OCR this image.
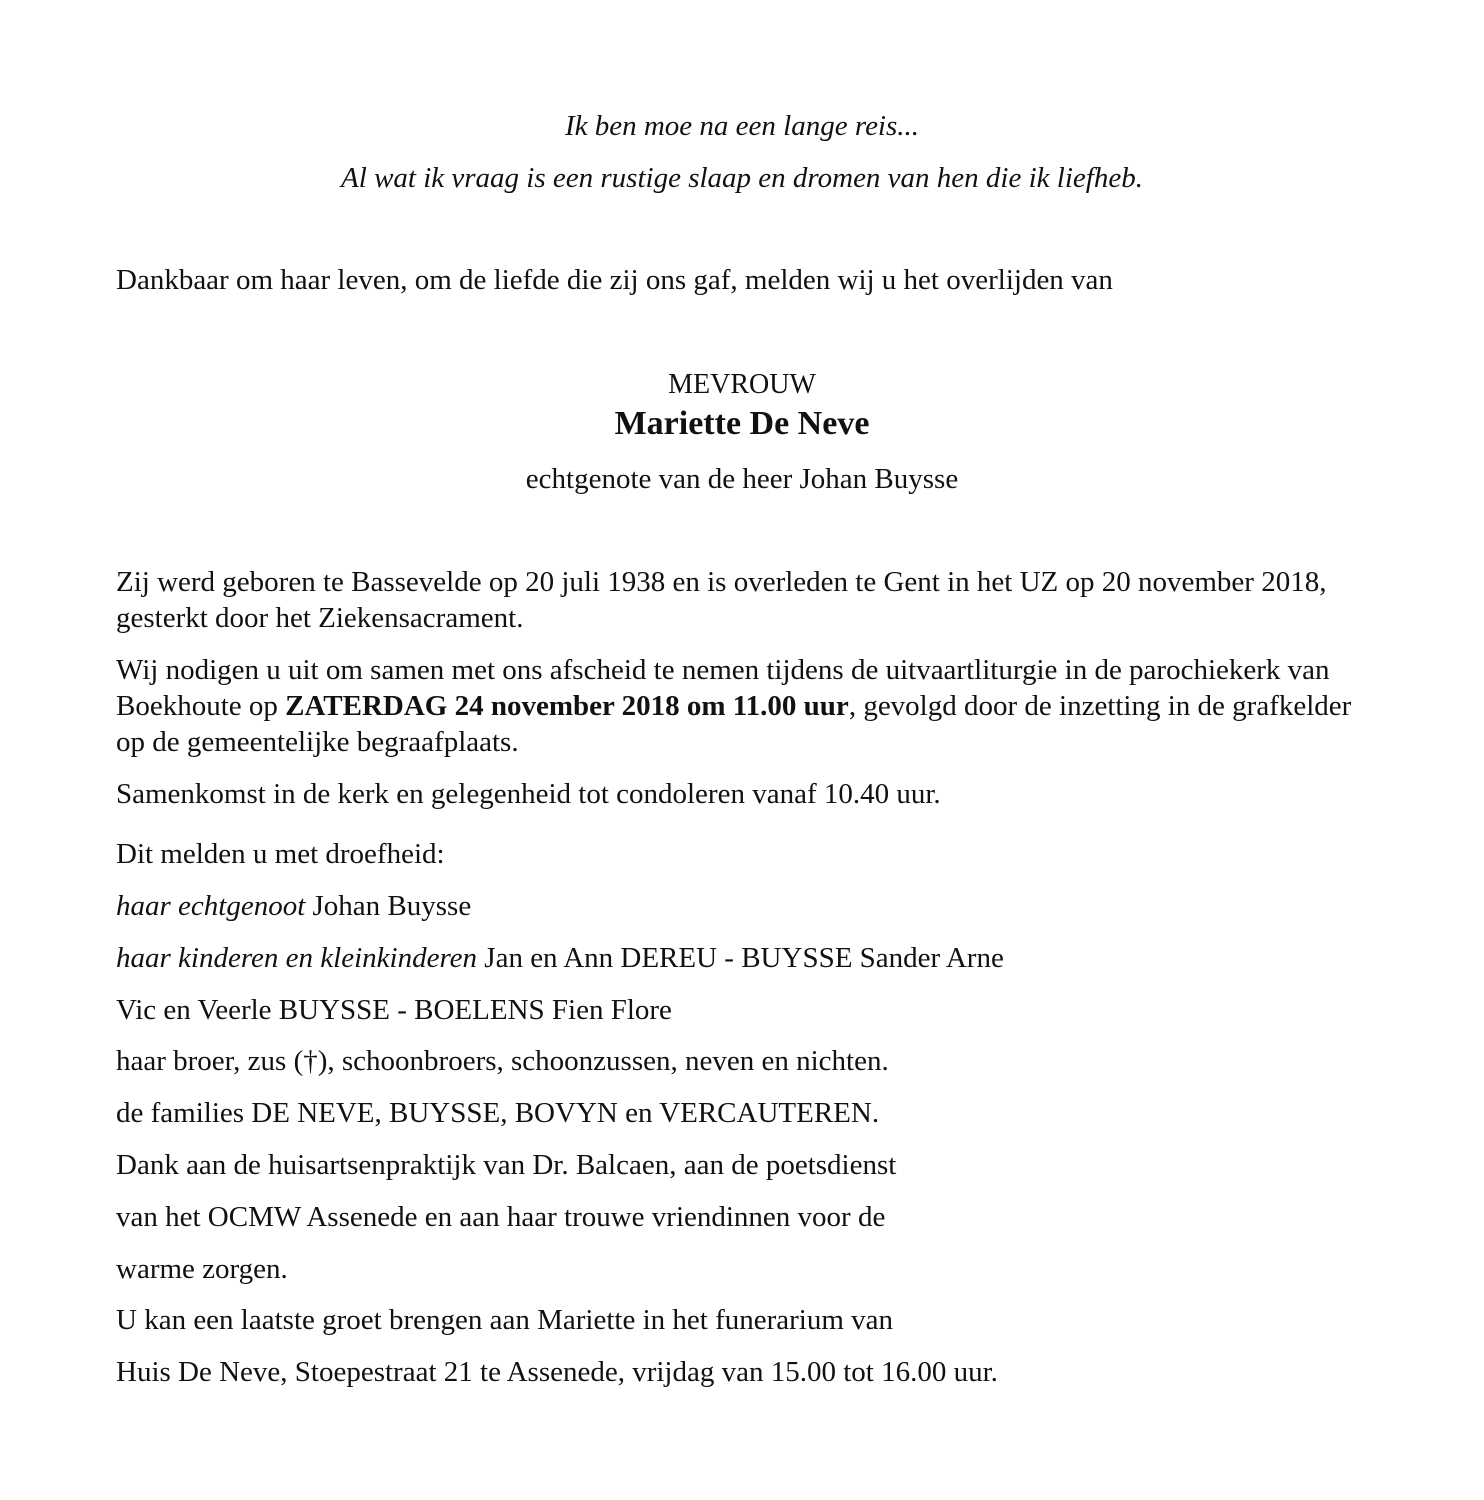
Ik ben moe na een lange reis...
Al wat ik vraag is een rustige slaap en dromen van hen die ik liefheb.
Dankbaar om haar leven, om de liefde die zij ons gaf, melden wij u het overlijden van
MEVROUW
Mariette De Neve
echtgenote van de heer Johan Buysse

Zij werd geboren te Bassevelde op 20 juli 1938 en is overleden te Gent in het UZ op 20 november 2018, gesterkt door het Ziekensacrament.

Wij nodigen u uit om samen met ons afscheid te nemen tijdens de uitvaartliturgie in de parochiekerk van Boekhoute op ZATERDAG 24 november 2018 om 11.00 uur, gevolgd door de inzetting in de grafkelder op de gemeentelijke begraafplaats.

Samenkomst in de kerk en gelegenheid tot condoleren vanaf 10.40 uur.
Dit melden u met droefheid:
haar echtgenoot Johan Buysse
haar kinderen en kleinkinderen Jan en Ann DEREU - BUYSSE Sander Arne
Vic en Veerle BUYSSE - BOELENS Fien Flore
haar broer, zus (†), schoonbroers, schoonzussen, neven en nichten.
de families DE NEVE, BUYSSE, BOVYN en VERCAUTEREN.
Dank aan de huisartsenpraktijk van Dr. Balcaen, aan de poetsdienst
van het OCMW Assenede en aan haar trouwe vriendinnen voor de
warme zorgen.
U kan een laatste groet brengen aan Mariette in het funerarium van
Huis De Neve, Stoepestraat 21 te Assenede, vrijdag van 15.00 tot 16.00 uur.
